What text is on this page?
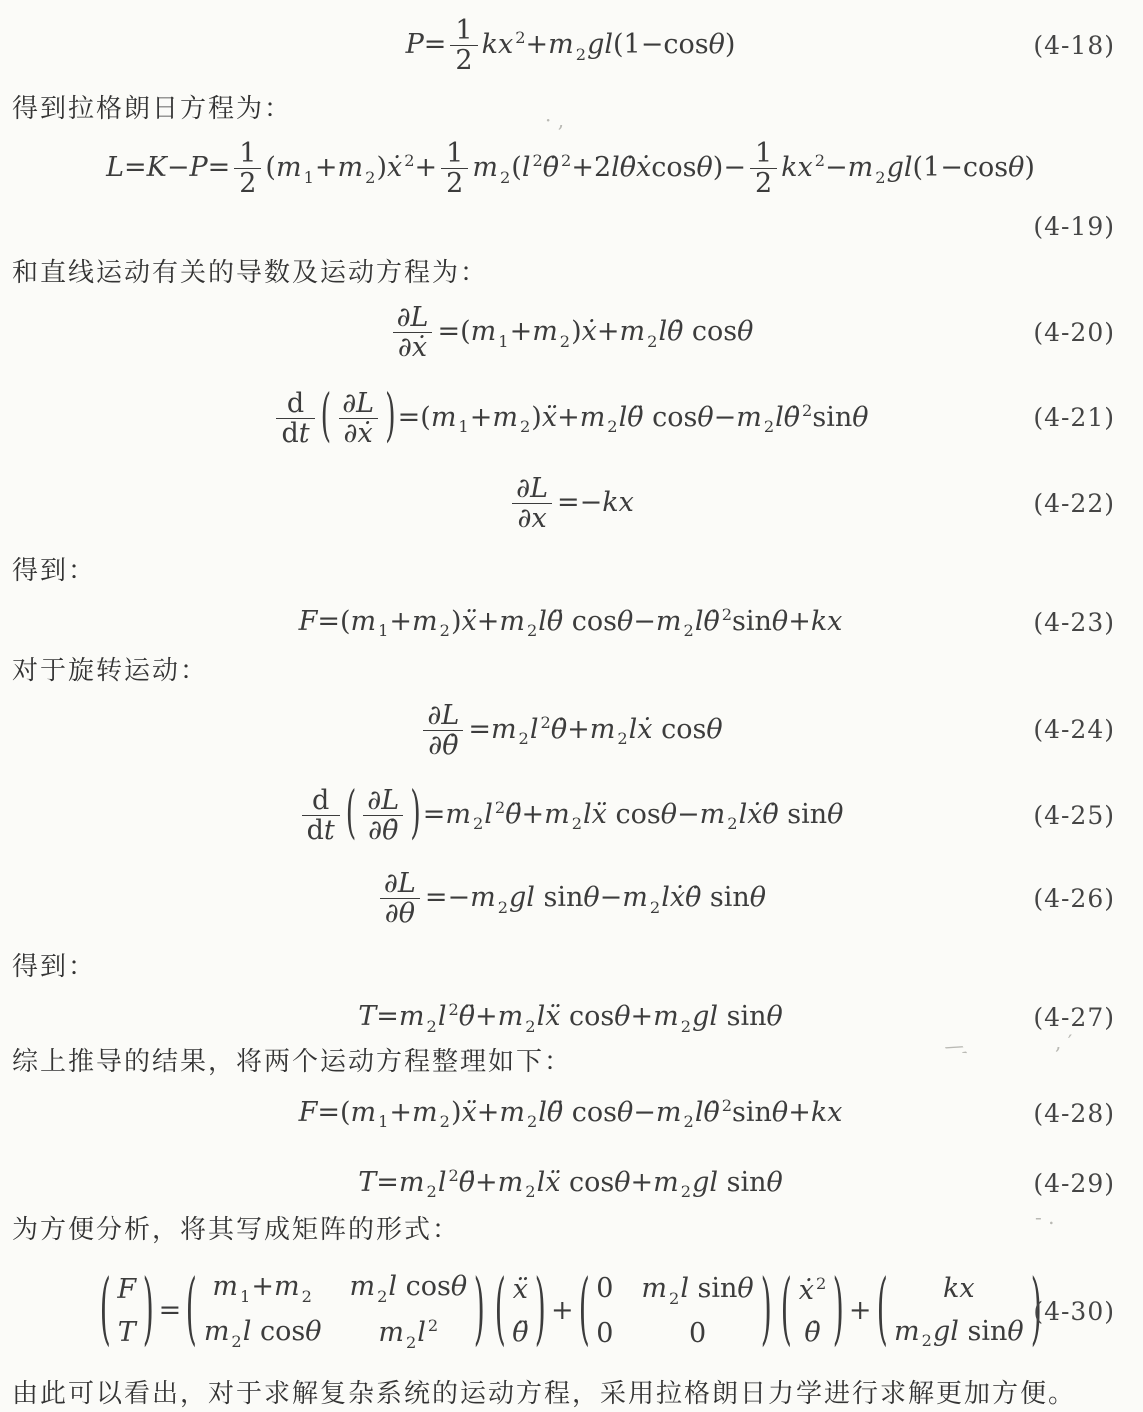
$P= \frac{1}{2}$ kx $^2$+m $_2$gl(1−cosθ)	(4-18)
得到拉格朗日方程为：
$L=K-P= \frac{1}{2} (m$ $_1$+m $_2$)ẋ $^2+ \frac{1}{2}$ m $_2$(l $^2$θ̇ $^2$+2lθ̇ẋcosθ)− $\frac{1}{2}$ kx $^2$−m $_2$gl(1−cosθ)
(4-19)
和直线运动有关的导数及运动方程为：
$\frac{\partial L}{\text{∂ẋ}} =(m$ $_1$+m $_2$)ẋ+m $_2$lθ̇ cosθ	(4-20)
$\frac{d}{dt}$ ( $\frac{\partial L}{\text{∂ẋ}} )=(m$ $_1$+m $_2$)ẍ+m $_2$lθ̈ cosθ−m $_2$lθ̇ $^2$sinθ	(4-21)
$\frac{\partial L}{\partial x} =-kx$	(4-22)
得到：
F=(m $_1$+m $_2$)ẍ+m $_2$lθ̈ cosθ−m $_2$lθ̇ $^2$sinθ+kx	(4-23)
对于旋转运动：
$\frac{\partial L}{\partial\thetȧ} =m$ $_2$l $^2$θ̇+m $_2$lẋ cosθ	(4-24)
$\frac{d}{dt}$ ( $\frac{\partial L}{\partial\thetȧ} )=m$ $_2$l $^2$θ̈+m $_2$lẍ cosθ−m $_2$lẋθ̇ sinθ	(4-25)
$\frac{\partial L}{\partial\theta} =-m$ $_2$gl sinθ−m $_2$lẋθ̇ sinθ	(4-26)
得到：
T=m $_2$l $^2$θ̈+m $_2$lẍ cosθ+m $_2$gl sinθ	(4-27)
综上推导的结果，将两个运动方程整理如下：
F=(m $_1$+m $_2$)ẍ+m $_2$lθ̈ cosθ−m $_2$lθ̇ $^2$sinθ+kx	(4-28)
T=m $_2$l $^2$θ̈+m $_2$lẍ cosθ+m $_2$gl sinθ	(4-29)
为方便分析，将其写成矩阵的形式：
( F
T ) = ( m $_1$+m $_2$	m $_2$l cosθ
m $_2$l cosθ	m $_2$l $^2$	) ( ẍ
θ̈ ) + ( 0 m $_2$l sinθ
0	0	) ( ẋ $^2$
θ̇ ) + (	kx
m $_2$gl sinθ )
(4-30)
由此可以看出，对于求解复杂系统的运动方程，采用拉格朗日力学进行求解更加方便。
· ,
⁄ ′	, ′
- .
